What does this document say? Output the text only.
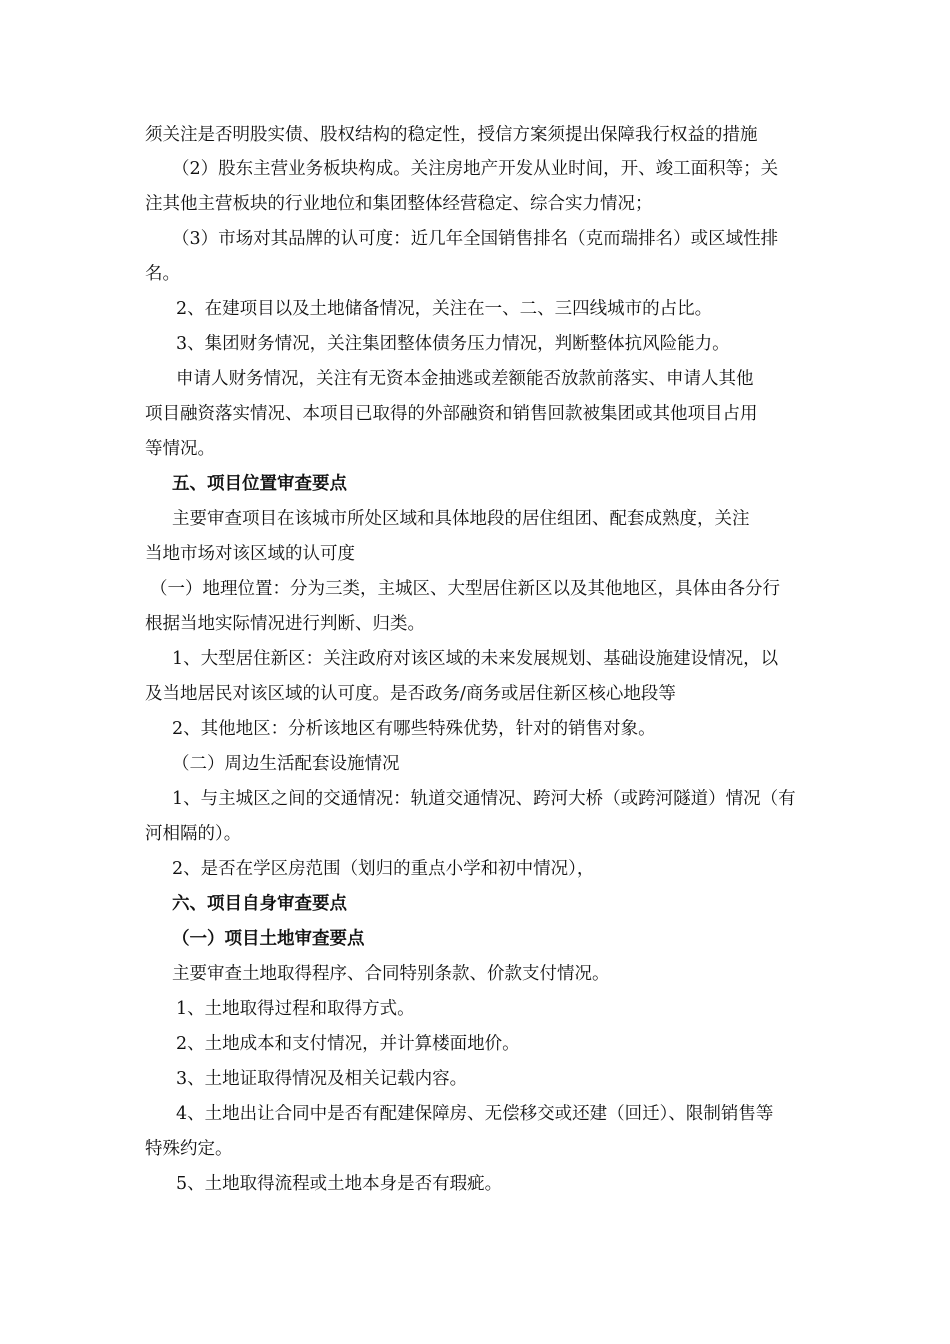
须关注是否明股实债、股权结构的稳定性，授信方案须提出保障我行权益的措施
（2）股东主营业务板块构成。关注房地产开发从业时间，开、竣工面积等；关
注其他主营板块的行业地位和集团整体经营稳定、综合实力情况；
（3）市场对其品牌的认可度：近几年全国销售排名（克而瑞排名）或区域性排
名。
2、在建项目以及土地储备情况，关注在一、二、三四线城市的占比。
3、集团财务情况，关注集团整体债务压力情况，判断整体抗风险能力。
申请人财务情况，关注有无资本金抽逃或差额能否放款前落实、申请人其他
项目融资落实情况、本项目已取得的外部融资和销售回款被集团或其他项目占用
等情况。
五、项目位置审查要点
主要审查项目在该城市所处区域和具体地段的居住组团、配套成熟度，关注
当地市场对该区域的认可度
（一）地理位置：分为三类，主城区、大型居住新区以及其他地区，具体由各分行
根据当地实际情况进行判断、归类。
1、大型居住新区：关注政府对该区域的未来发展规划、基础设施建设情况，以
及当地居民对该区域的认可度。是否政务/商务或居住新区核心地段等
2、其他地区：分析该地区有哪些特殊优势，针对的销售对象。
（二）周边生活配套设施情况
1、与主城区之间的交通情况：轨道交通情况、跨河大桥（或跨河隧道）情况（有
河相隔的）。
2、是否在学区房范围（划归的重点小学和初中情况），
六、项目自身审查要点
（一）项目土地审查要点
主要审查土地取得程序、合同特别条款、价款支付情况。
1、土地取得过程和取得方式。
2、土地成本和支付情况，并计算楼面地价。
3、土地证取得情况及相关记载内容。
4、土地出让合同中是否有配建保障房、无偿移交或还建（回迁）、限制销售等
特殊约定。
5、土地取得流程或土地本身是否有瑕疵。
